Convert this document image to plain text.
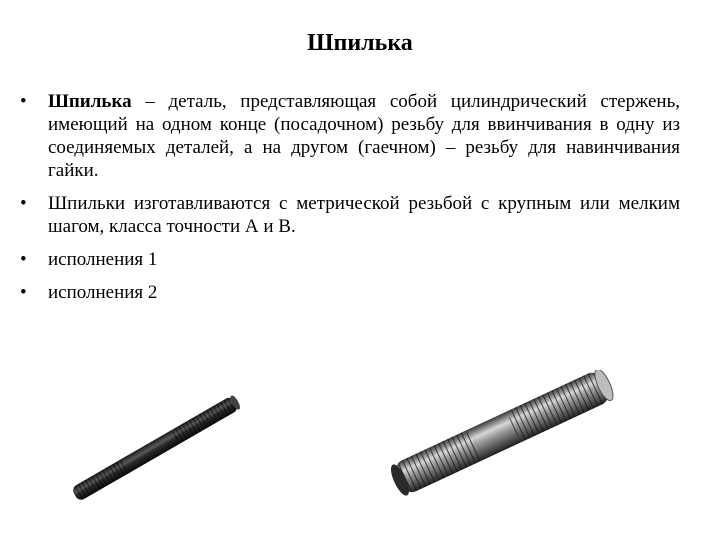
Шпилька
•	Шпилька – деталь, представляющая собой цилиндрический стержень, имеющий на одном конце (посадочном) резьбу для ввинчивания в одну из соединяемых деталей, а на другом (гаечном) – резьбу для навинчивания гайки.
•	Шпильки изготавливаются с метрической резьбой с крупным или мелким шагом, класса точности А и В.
•	исполнения 1
•	исполнения 2
